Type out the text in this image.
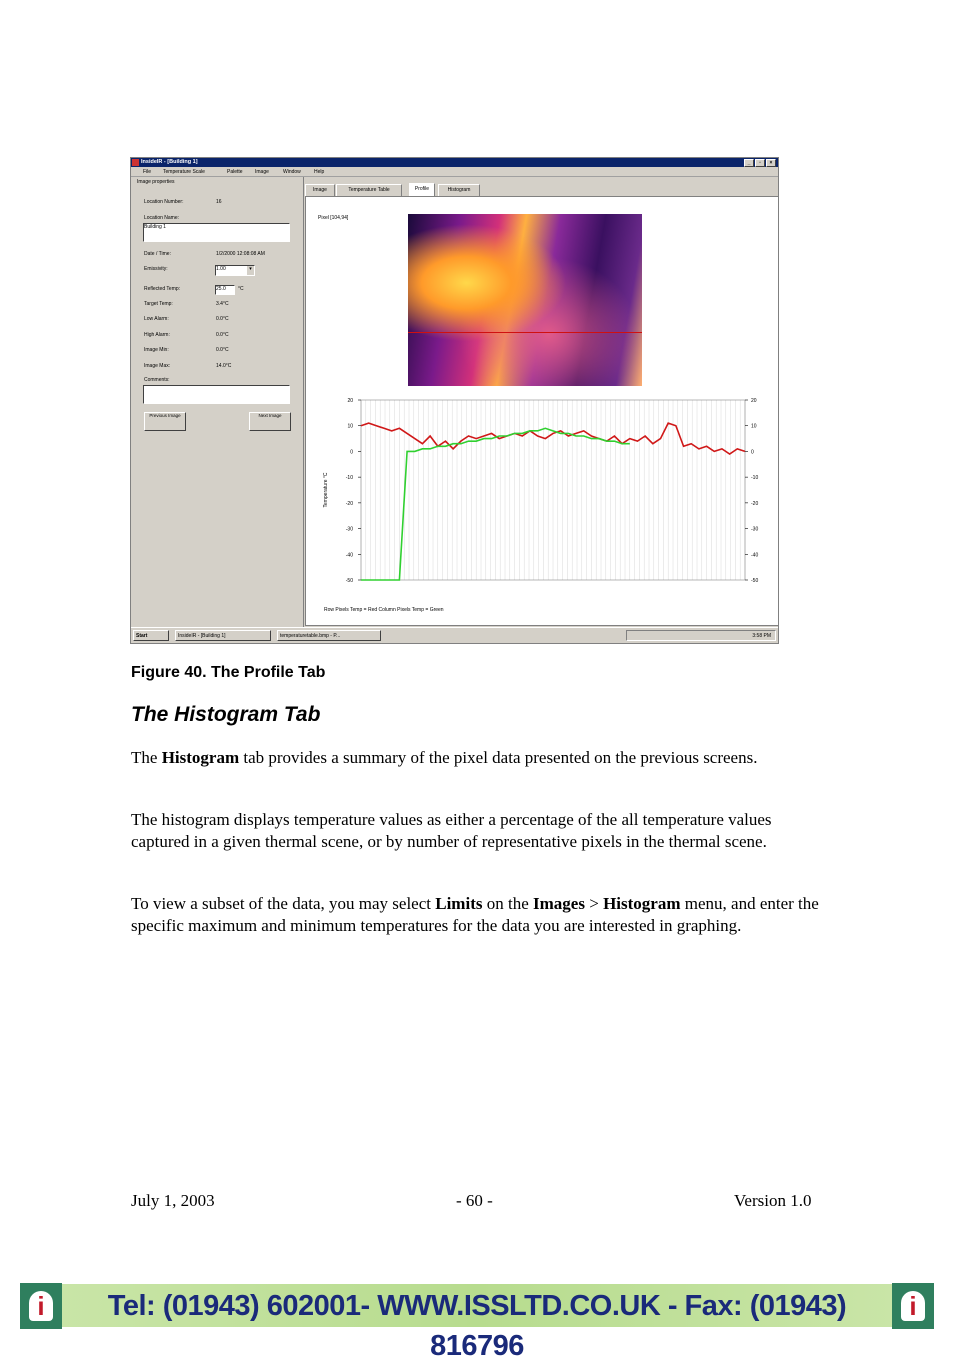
InsideIR - [Building 1]	_	▫	×
File Temperature Scale	Palette Image	Window	Help
Image properties
Location Number:	16
Location Name:
Building 1
Date / Time:	1/2/2000 12:08:08 AM
Emissivity:	1.00	▾
Reflected Temp:	25.0	°C
Target Temp:	3.4°C
Low Alarm:	0.0°C
High Alarm:	0.0°C
Image Min:	0.0°C
Image Max:	14.0°C
Comments:
Previous Image	Next Image
Image	Temperature Table	Profile	Histogram
Pixel [104,94]
Row Pixels Temp = Red Column Pixels Temp = Green
Temperature °C
20	20
10	10
0	0
-10	-10
-20	-20
-30	-30
-40	-40
-50	-50
Start	InsideIR - [Building 1]	temperaturetable.bmp - P...	3:58 PM
Figure 40. The Profile Tab
The Histogram Tab
The Histogram tab provides a summary of the pixel data presented on the previous screens.
The histogram displays temperature values as either a percentage of the all temperature values captured in a given thermal scene, or by number of representative pixels in the thermal scene.
To view a subset of the data, you may select Limits on the Images > Histogram menu, and enter the specific maximum and minimum temperatures for the data you are interested in graphing.
July 1, 2003	- 60 -	Version 1.0
i	Tel: (01943) 602001- WWW.ISSLTD.CO.UK - Fax: (01943) 816796
i
